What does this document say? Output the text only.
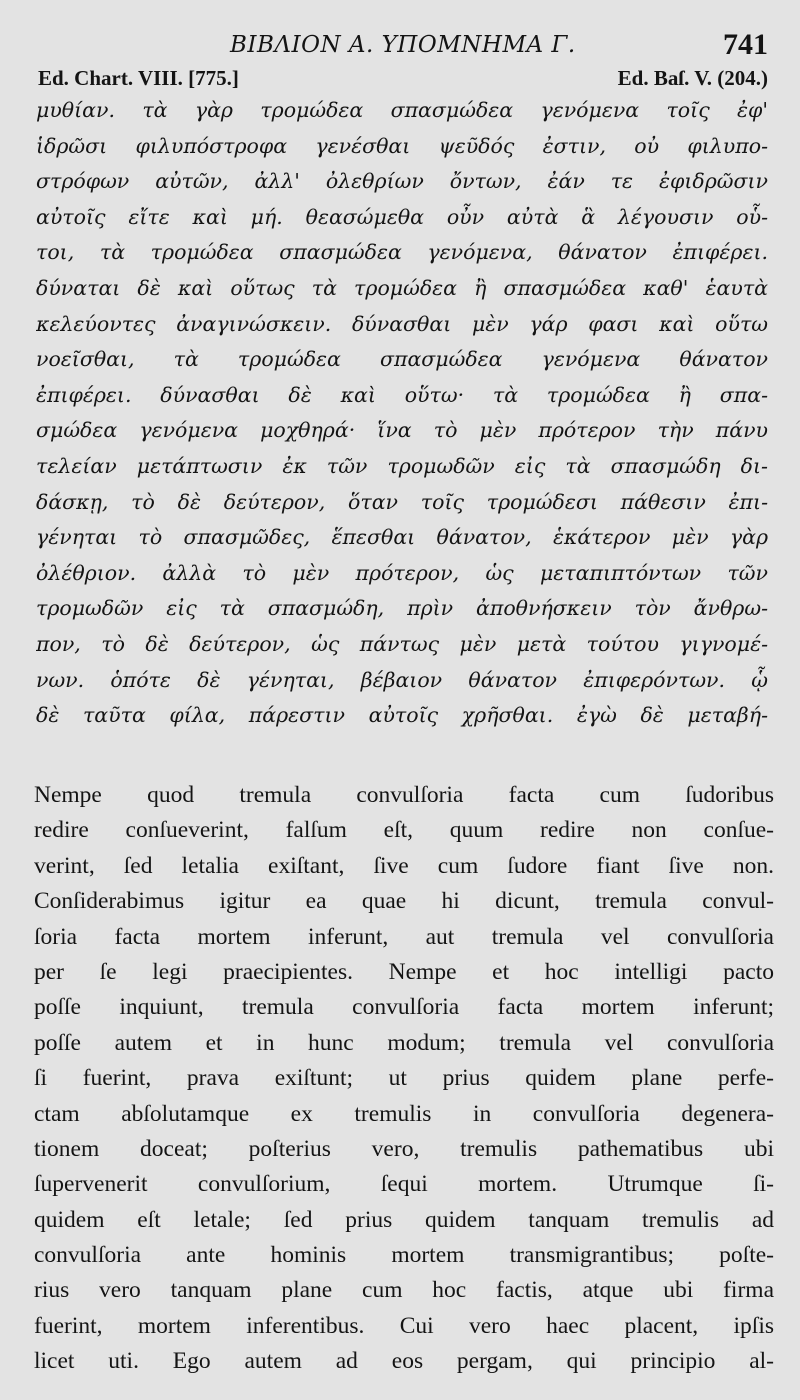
ΒΙΒΛΙΟΝ Α. ΥΠΟΜΝΗΜΑ Γ.	741
Ed. Chart. VIII. [775.]	Ed. Baſ. V. (204.)
μυθίαν. τὰ γὰρ τρομώδεα σπασμώδεα γενόμενα τοῖς ἐφ'
ἱδρῶσι φιλυπόστροφα γενέσθαι ψεῦδός ἐστιν, οὐ φιλυπο-
στρόφων αὐτῶν, ἀλλ' ὀλεθρίων ὄντων, ἐάν τε ἐφιδρῶσιν
αὐτοῖς εἴτε καὶ μή. θεασώμεθα οὖν αὐτὰ ἃ λέγουσιν οὗ-
τοι, τὰ τρομώδεα σπασμώδεα γενόμενα, θάνατον ἐπιφέρει.
δύναται δὲ καὶ οὕτως τὰ τρομώδεα ἢ σπασμώδεα καθ' ἑαυτὰ
κελεύοντες ἀναγινώσκειν. δύνασθαι μὲν γάρ φασι καὶ οὕτω
νοεῖσθαι, τὰ τρομώδεα σπασμώδεα γενόμενα θάνατον
ἐπιφέρει. δύνασθαι δὲ καὶ οὕτω· τὰ τρομώδεα ἢ σπα-
σμώδεα γενόμενα μοχθηρά· ἵνα τὸ μὲν πρότερον τὴν πάνυ
τελείαν μετάπτωσιν ἐκ τῶν τρομωδῶν εἰς τὰ σπασμώδη δι-
δάσκῃ, τὸ δὲ δεύτερον, ὅταν τοῖς τρομώδεσι πάθεσιν ἐπι-
γένηται τὸ σπασμῶδες, ἕπεσθαι θάνατον, ἑκάτερον μὲν γὰρ
ὀλέθριον. ἀλλὰ τὸ μὲν πρότερον, ὡς μεταπιπτόντων τῶν
τρομωδῶν εἰς τὰ σπασμώδη, πρὶν ἀποθνήσκειν τὸν ἄνθρω-
πον, τὸ δὲ δεύτερον, ὡς πάντως μὲν μετὰ τούτου γιγνομέ-
νων. ὁπότε δὲ γένηται, βέβαιον θάνατον ἐπιφερόντων. ᾧ
δὲ ταῦτα φίλα, πάρεστιν αὐτοῖς χρῆσθαι. ἐγὼ δὲ μεταβή-
Nempe quod tremula convulſoria facta cum ſudoribus
redire conſueverint, falſum eſt, quum redire non conſue-
verint, ſed letalia exiſtant, ſive cum ſudore fiant ſive non.
Conſiderabimus igitur ea quae hi dicunt, tremula convul-
ſoria facta mortem inferunt, aut tremula vel convulſoria
per ſe legi praecipientes. Nempe et hoc intelligi pacto
poſſe inquiunt, tremula convulſoria facta mortem inferunt;
poſſe autem et in hunc modum; tremula vel convulſoria
ſi fuerint, prava exiſtunt; ut prius quidem plane perfe-
ctam abſolutamque ex tremulis in convulſoria degenera-
tionem doceat; poſterius vero, tremulis pathematibus ubi
ſupervenerit convulſorium, ſequi mortem. Utrumque ſi-
quidem eſt letale; ſed prius quidem tanquam tremulis ad
convulſoria ante hominis mortem transmigrantibus; poſte-
rius vero tanquam plane cum hoc factis, atque ubi firma
fuerint, mortem inferentibus. Cui vero haec placent, ipſis
licet uti. Ego autem ad eos pergam, qui principio al-
